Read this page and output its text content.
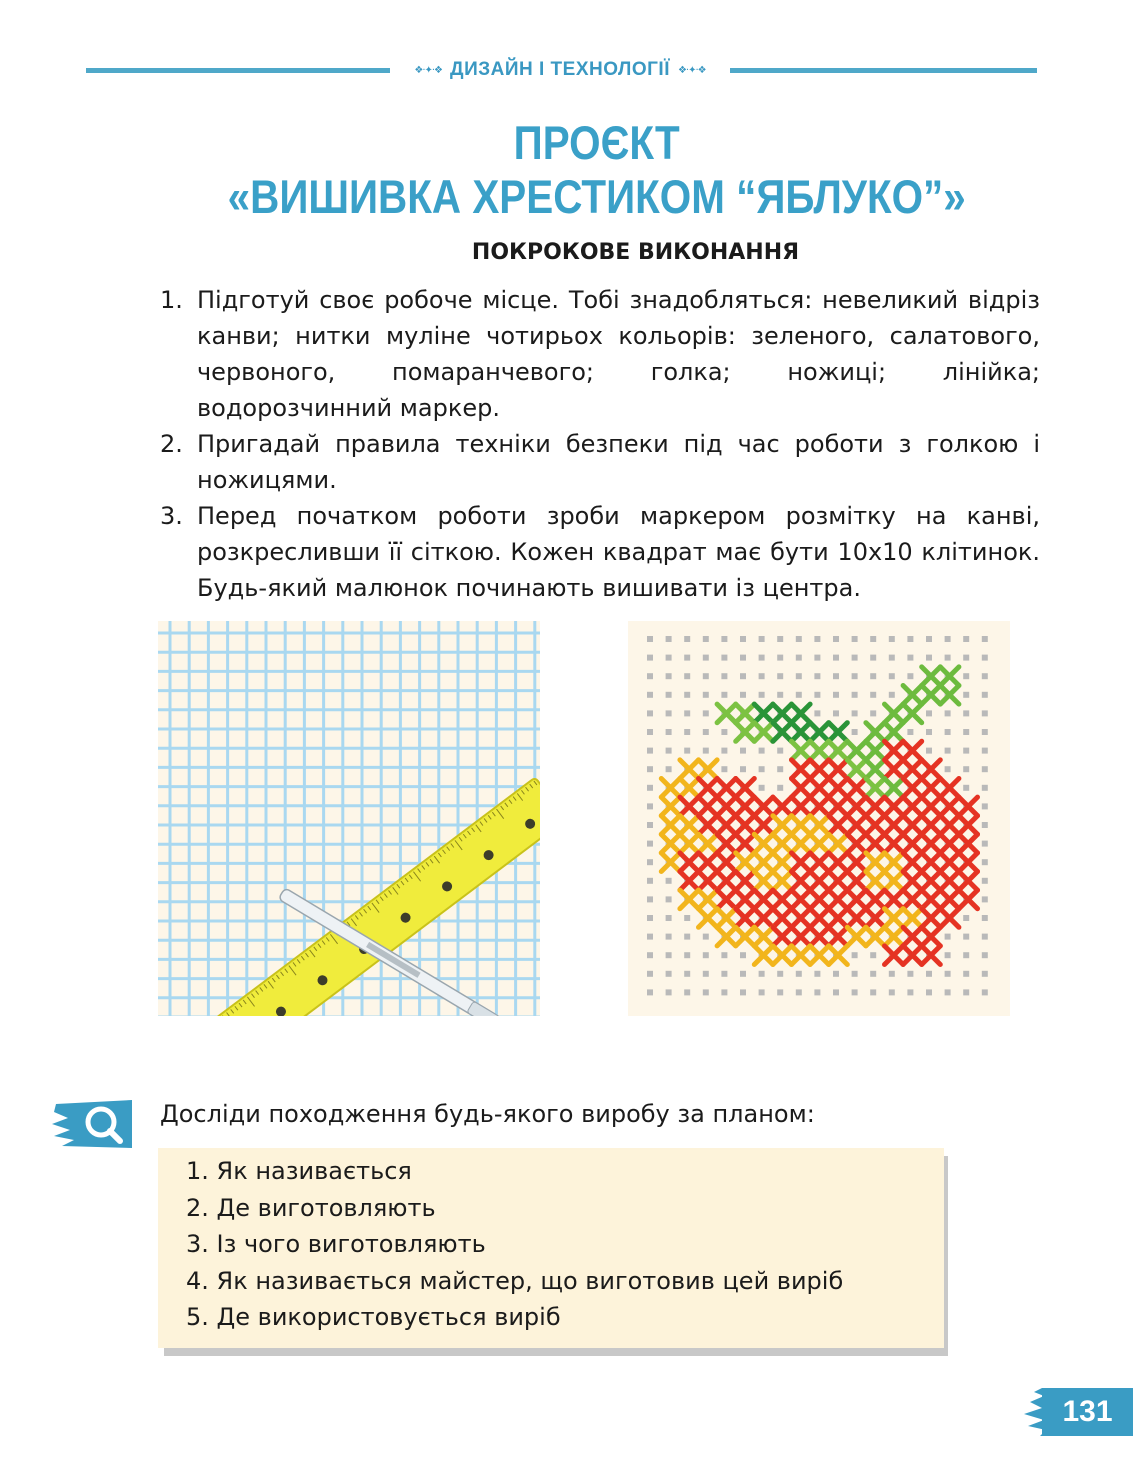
❖·✦·❖ ДИЗАЙН І ТЕХНОЛОГІЇ ❖·✦·❖
ПРОЄКТ
«ВИШИВКА ХРЕСТИКОМ “ЯБЛУКО”»
ПОКРОКОВЕ ВИКОНАННЯ
1. Підготуй своє робоче місце. Тобі знадобляться: невеликий відріз канви; нитки муліне чотирьох кольорів: зеленого, салатового, червоного, помаранчевого; голка; ножиці; лінійка; водорозчинний маркер.
2. Пригадай правила техніки безпеки під час роботи з голкою і ножицями.
3. Перед початком роботи зроби маркером розмітку на канві, розкресливши її сіткою. Кожен квадрат має бути 10х10 клітинок. Будь-який малюнок починають вишивати із центра.
Досліди походження будь-якого виробу за планом:
1. Як називається
2. Де виготовляють
3. Із чого виготовляють
4. Як називається майстер, що виготовив цей виріб
5. Де використовується виріб
131
